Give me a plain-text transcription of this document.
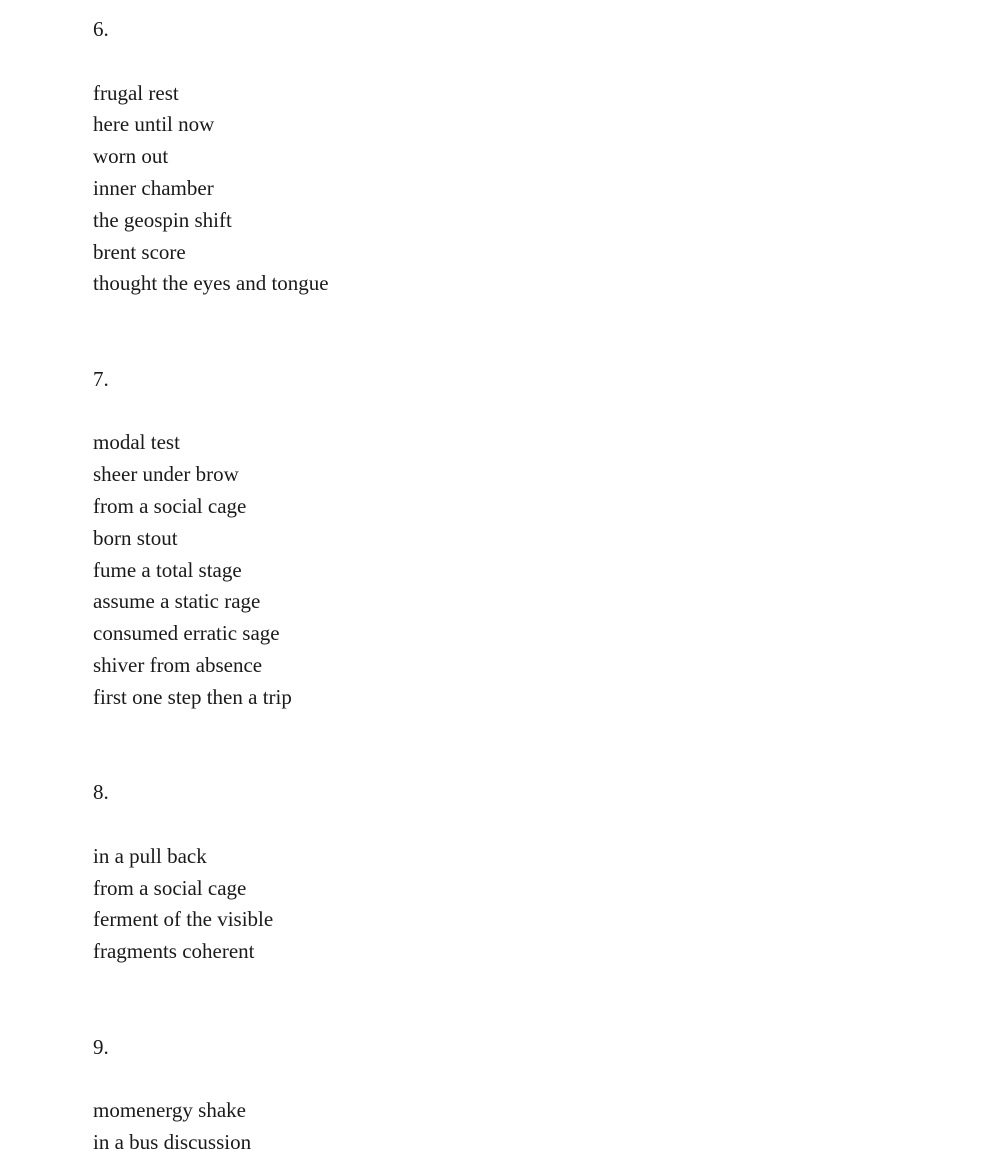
6.

frugal rest

here until now

worn out

inner chamber

the geospin shift

brent score

thought the eyes and tongue

7.

modal test

sheer under brow

from a social cage

born stout

fume a total stage

assume a static rage

consumed erratic sage

shiver from absence

first one step then a trip

8.

in a pull back

from a social cage

ferment of the visible

fragments coherent

9.

momenergy shake

in a bus discussion
